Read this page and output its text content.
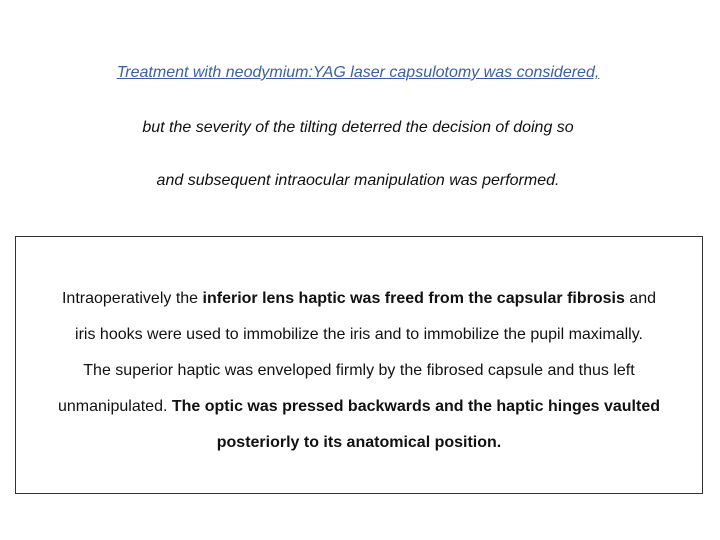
Treatment with neodymium:YAG laser capsulotomy was considered,
but the severity of the tilting deterred the decision of doing so
and subsequent intraocular manipulation was performed.
Intraoperatively the inferior lens haptic was freed from the capsular fibrosis and
iris hooks were used to immobilize the iris and to immobilize the pupil maximally.
The superior haptic was enveloped firmly by the fibrosed capsule and thus left
unmanipulated. The optic was pressed backwards and the haptic hinges vaulted
posteriorly to its anatomical position.
